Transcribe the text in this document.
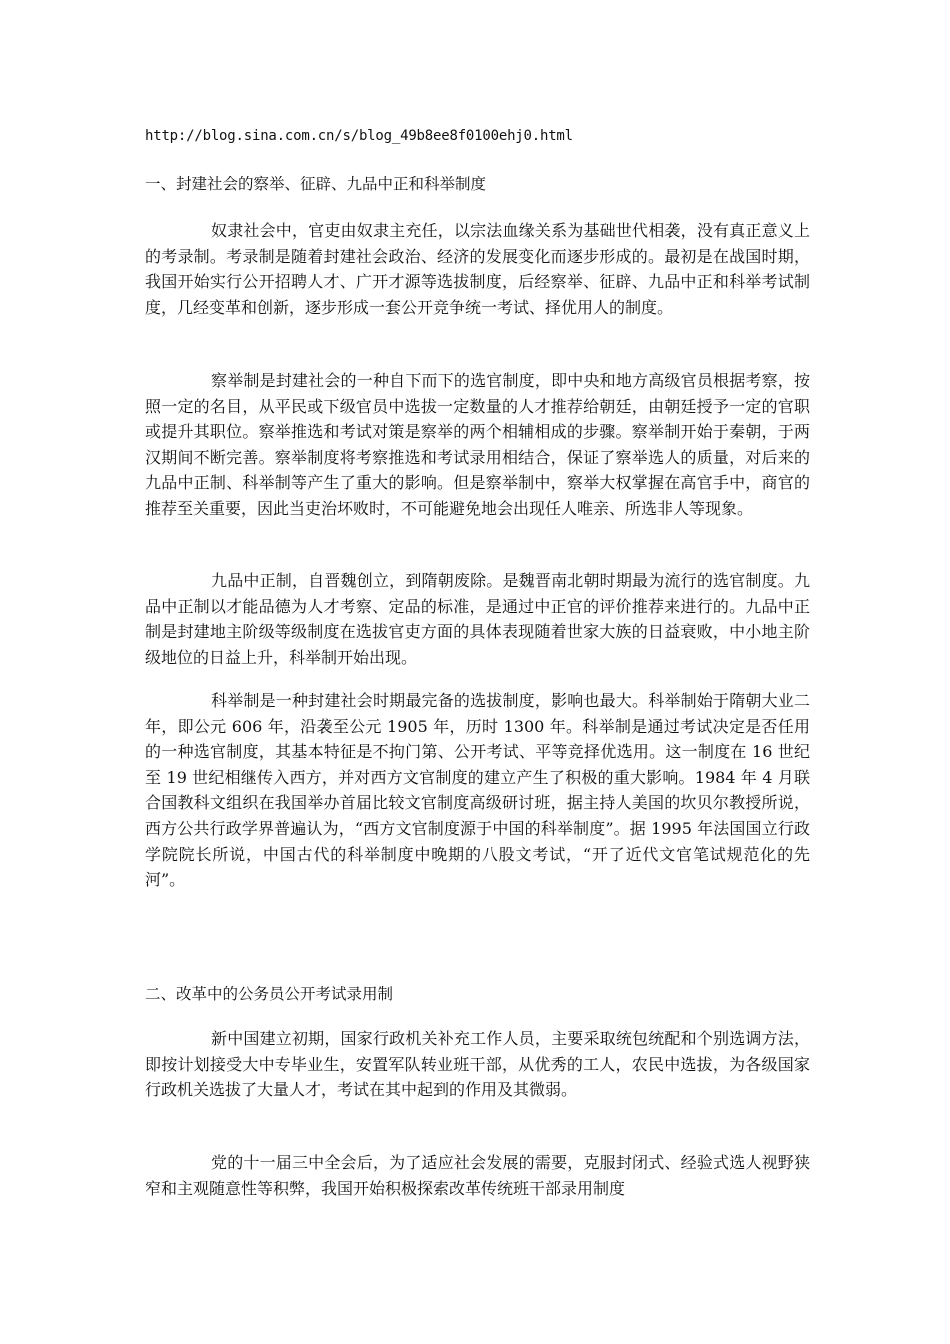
http://blog.sina.com.cn/s/blog_49b8ee8f0100ehj0.html
一、封建社会的察举、征辟、九品中正和科举制度

奴隶社会中，官吏由奴隶主充任，以宗法血缘关系为基础世代相袭，没有真正意义上的考录制。考录制是随着封建社会政治、经济的发展变化而逐步形成的。最初是在战国时期，我国开始实行公开招聘人才、广开才源等选拔制度，后经察举、征辟、九品中正和科举考试制度，几经变革和创新，逐步形成一套公开竞争统一考试、择优用人的制度。

察举制是封建社会的一种自下而下的选官制度，即中央和地方高级官员根据考察，按照一定的名目，从平民或下级官员中选拔一定数量的人才推荐给朝廷，由朝廷授予一定的官职或提升其职位。察举推选和考试对策是察举的两个相辅相成的步骤。察举制开始于秦朝，于两汉期间不断完善。察举制度将考察推选和考试录用相结合，保证了察举选人的质量，对后来的九品中正制、科举制等产生了重大的影响。但是察举制中，察举大权掌握在高官手中，商官的推荐至关重要，因此当吏治坏败时，不可能避免地会出现任人唯亲、所选非人等现象。

九品中正制，自晋魏创立，到隋朝废除。是魏晋南北朝时期最为流行的选官制度。九品中正制以才能品德为人才考察、定品的标准，是通过中正官的评价推荐来进行的。九品中正制是封建地主阶级等级制度在选拔官吏方面的具体表现随着世家大族的日益衰败，中小地主阶级地位的日益上升，科举制开始出现。

科举制是一种封建社会时期最完备的选拔制度，影响也最大。科举制始于隋朝大业二年，即公元 606 年，沿袭至公元 1905 年，历时 1300 年。科举制是通过考试决定是否任用的一种选官制度，其基本特征是不拘门第、公开考试、平等竞择优选用。这一制度在 16 世纪至 19 世纪相继传入西方，并对西方文官制度的建立产生了积极的重大影响。1984 年 4 月联合国教科文组织在我国举办首届比较文官制度高级研讨班，据主持人美国的坎贝尔教授所说，西方公共行政学界普遍认为，“西方文官制度源于中国的科举制度”。据 1995 年法国国立行政学院院长所说，中国古代的科举制度中晚期的八股文考试，“开了近代文官笔试规范化的先河”。

二、改革中的公务员公开考试录用制

新中国建立初期，国家行政机关补充工作人员，主要采取统包统配和个别选调方法，即按计划接受大中专毕业生，安置军队转业班干部，从优秀的工人，农民中选拔，为各级国家行政机关选拔了大量人才，考试在其中起到的作用及其微弱。

党的十一届三中全会后，为了适应社会发展的需要，克服封闭式、经验式选人视野狭窄和主观随意性等积弊，我国开始积极探索改革传统班干部录用制度
